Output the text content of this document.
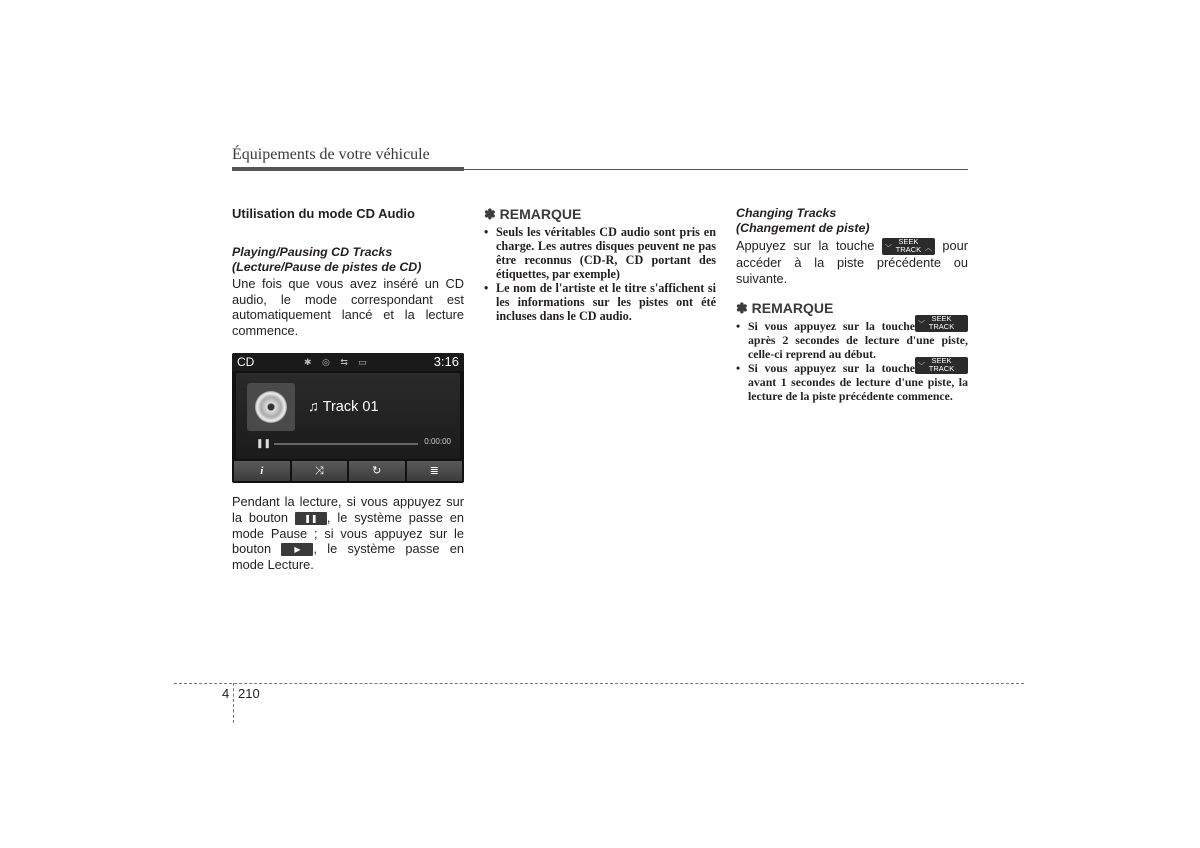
Équipements de votre véhicule

Utilisation du mode CD Audio

Playing/Pausing CD Tracks
(Lecture/Pause de pistes de CD)

Une fois que vous avez inséré un CD audio, le mode correspondant est automatiquement lancé et la lecture commence.

CD	✱ ◎ ⇆ ▭	3:16
♫ Track 01
❚❚	0:00:00
i	⤨	↻	≣

Pendant la lecture, si vous appuyez sur la bouton	❚❚ , le système passe en mode Pause ; si vous appuyez sur le bouton	▶	, le système passe en mode Lecture.

✽ REMARQUE

• Seuls les véritables CD audio sont pris en charge. Les autres disques peuvent ne pas être reconnus (CD-R, CD portant des étiquettes, par exemple)
• Le nom de l'artiste et le titre s'affichent si les informations sur les pistes ont été incluses dans le CD audio.

Changing Tracks
(Changement de piste)

Appuyez sur la touche ﹀
SEEK
TRACK ︿ pour accéder à la piste précédente ou suivante.

✽ REMARQUE

• Si vous appuyez sur la touche ﹀
SEEK
TRACK
après 2 secondes de lecture d'une piste, celle-ci reprend au début.
• Si vous appuyez sur la touche ﹀
SEEK
TRACK
avant 1 secondes de lecture d'une piste, la lecture de la piste précédente commence.
4 210
